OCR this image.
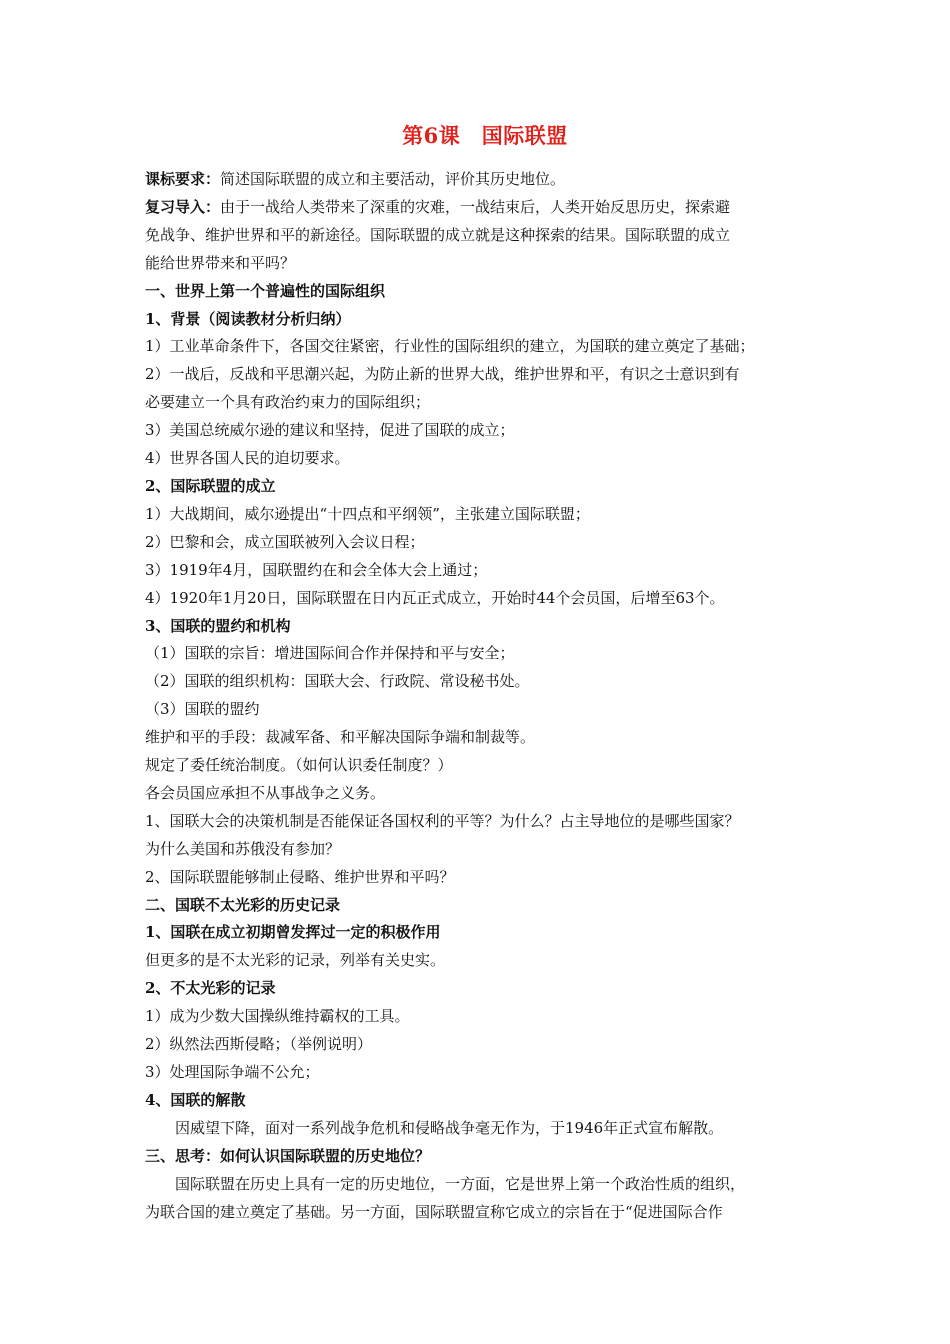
第6课　国际联盟
课标要求：简述国际联盟的成立和主要活动，评价其历史地位。
复习导入：由于一战给人类带来了深重的灾难，一战结束后，人类开始反思历史，探索避
免战争、维护世界和平的新途径。国际联盟的成立就是这种探索的结果。国际联盟的成立
能给世界带来和平吗？
一、世界上第一个普遍性的国际组织
1、背景（阅读教材分析归纳）
1）工业革命条件下，各国交往紧密，行业性的国际组织的建立，为国联的建立奠定了基础；
2）一战后，反战和平思潮兴起，为防止新的世界大战，维护世界和平，有识之士意识到有
必要建立一个具有政治约束力的国际组织；
3）美国总统威尔逊的建议和坚持，促进了国联的成立；
4）世界各国人民的迫切要求。
2、国际联盟的成立
1）大战期间，威尔逊提出“十四点和平纲领”，主张建立国际联盟；
2）巴黎和会，成立国联被列入会议日程；
3）1919年4月，国联盟约在和会全体大会上通过；
4）1920年1月20日，国际联盟在日内瓦正式成立，开始时44个会员国，后增至63个。
3、国联的盟约和机构
（1）国联的宗旨：增进国际间合作并保持和平与安全；
（2）国联的组织机构：国联大会、行政院、常设秘书处。
（3）国联的盟约
维护和平的手段：裁减军备、和平解决国际争端和制裁等。
规定了委任统治制度。（如何认识委任制度？）
各会员国应承担不从事战争之义务。
1、国联大会的决策机制是否能保证各国权利的平等？为什么？占主导地位的是哪些国家？
为什么美国和苏俄没有参加？
2、国际联盟能够制止侵略、维护世界和平吗？
二、国联不太光彩的历史记录
1、国联在成立初期曾发挥过一定的积极作用
但更多的是不太光彩的记录，列举有关史实。
2、不太光彩的记录
1）成为少数大国操纵维持霸权的工具。
2）纵然法西斯侵略；（举例说明）
3）处理国际争端不公允；
4、国联的解散
因威望下降，面对一系列战争危机和侵略战争毫无作为，于1946年正式宣布解散。
三、思考：如何认识国际联盟的历史地位？
国际联盟在历史上具有一定的历史地位，一方面，它是世界上第一个政治性质的组织，
为联合国的建立奠定了基础。另一方面，国际联盟宣称它成立的宗旨在于“促进国际合作
